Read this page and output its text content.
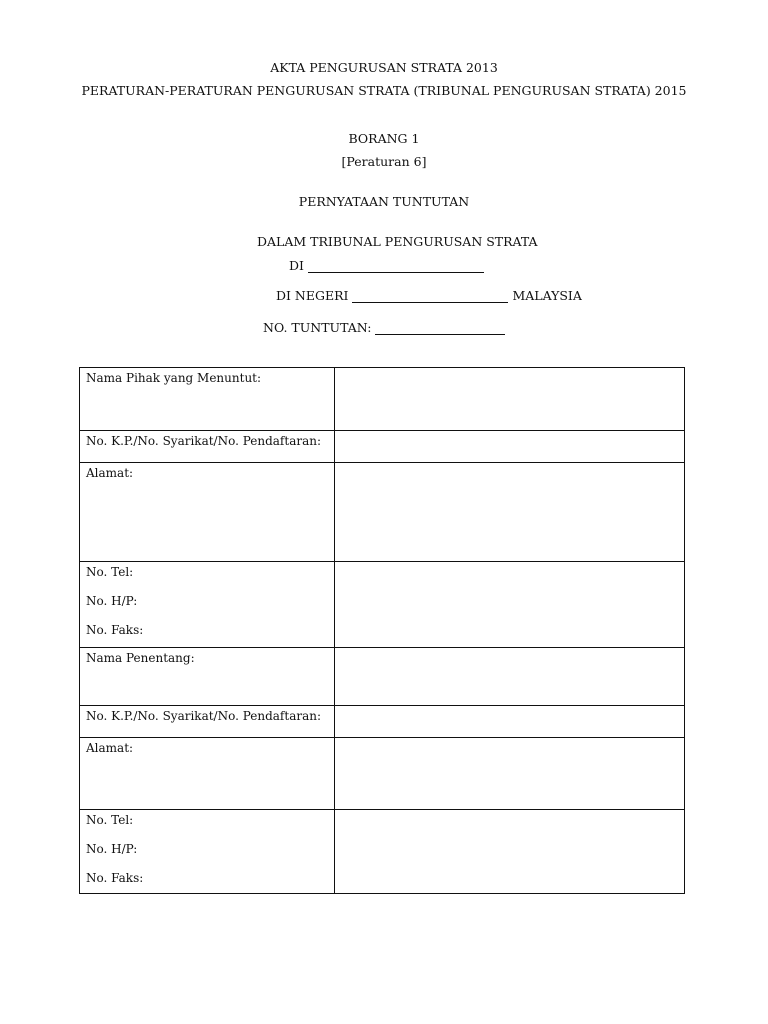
AKTA PENGURUSAN STRATA 2013
PERATURAN-PERATURAN PENGURUSAN STRATA (TRIBUNAL PENGURUSAN STRATA) 2015
BORANG 1
[Peraturan 6]
PERNYATAAN TUNTUTAN
DALAM TRIBUNAL PENGURUSAN STRATA
DI
DI NEGERI	MALAYSIA
NO. TUNTUTAN:
Nama Pihak yang Menuntut:	
No. K.P./No. Syarikat/No. Pendaftaran:	
Alamat:	

No. Tel:
No. H/P:
No. Faks:	

Nama Penentang:	
No. K.P./No. Syarikat/No. Pendaftaran:	
Alamat:	

No. Tel:
No. H/P:
No. Faks:	
